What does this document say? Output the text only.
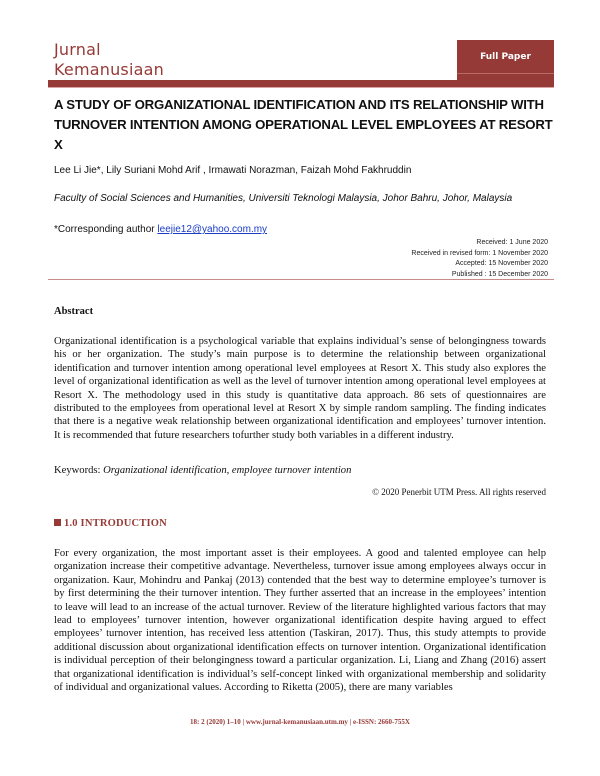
Jurnal
Kemanusiaan
Full Paper
A STUDY OF ORGANIZATIONAL IDENTIFICATION AND ITS RELATIONSHIP WITH TURNOVER INTENTION AMONG OPERATIONAL LEVEL EMPLOYEES AT RESORT X
Lee Li Jie*, Lily Suriani Mohd Arif , Irmawati Norazman, Faizah Mohd Fakhruddin
Faculty of Social Sciences and Humanities, Universiti Teknologi Malaysia, Johor Bahru, Johor, Malaysia
*Corresponding author leejie12@yahoo.com.my
Received: 1 June 2020
Received in revised form: 1 November 2020
Accepted: 15 November 2020
Published : 15 December 2020
Abstract

Organizational identification is a psychological variable that explains individual’s sense of belongingness towards his or her organization. The study’s main purpose is to determine the relationship between organizational identification and turnover intention among operational level employees at Resort X. This study also explores the level of organizational identification as well as the level of turnover intention among operational level employees at Resort X. The methodology used in this study is quantitative data approach. 86 sets of questionnaires are distributed to the employees from operational level at Resort X by simple random sampling. The finding indicates that there is a negative weak relationship between organizational identification and employees’ turnover intention. It is recommended that future researchers tofurther study both variables in a different industry.

Keywords: Organizational identification, employee turnover intention
© 2020 Penerbit UTM Press. All rights reserved
1.0 INTRODUCTION

For every organization, the most important asset is their employees. A good and talented employee can help organization increase their competitive advantage. Nevertheless, turnover issue among employees always occur in organization. Kaur, Mohindru and Pankaj (2013) contended that the best way to determine employee’s turnover is by first determining the their turnover intention. They further asserted that an increase in the employees’ intention to leave will lead to an increase of the actual turnover. Review of the literature highlighted various factors that may lead to employees’ turnover intention, however organizational identification despite having argued to effect employees’ turnover intention, has received less attention (Taskiran, 2017). Thus, this study attempts to provide additional discussion about organizational identification effects on turnover intention. Organizational identification is individual perception of their belongingness toward a particular organization. Li, Liang and Zhang (2016) assert that organizational identification is individual’s self-concept linked with organizational membership and solidarity of individual and organizational values. According to Riketta (2005), there are many variables

18: 2 (2020) 1–10 | www.jurnal-kemanusiaan.utm.my | e-ISSN: 2660-755X
